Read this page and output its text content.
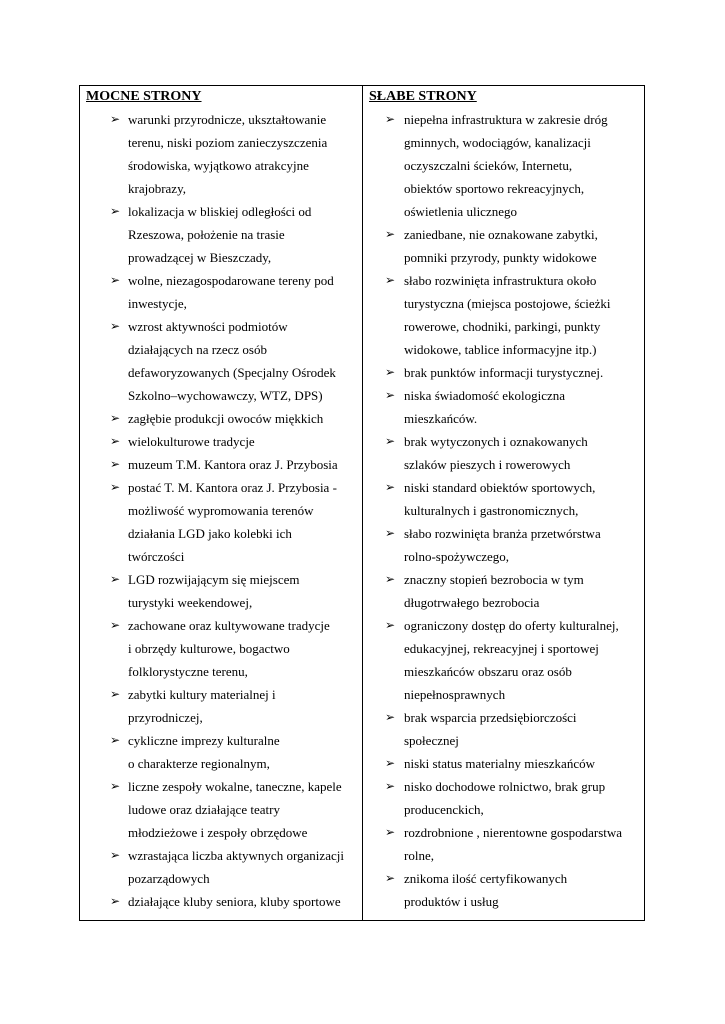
MOCNE STRONY
➢ warunki przyrodnicze, ukształtowanie
terenu, niski poziom zanieczyszczenia
środowiska, wyjątkowo atrakcyjne
krajobrazy,
➢ lokalizacja w bliskiej odległości od
Rzeszowa, położenie na trasie
prowadzącej w Bieszczady,
➢ wolne, niezagospodarowane tereny pod
inwestycje,
➢ wzrost aktywności podmiotów
działających na rzecz osób
defaworyzowanych (Specjalny Ośrodek
Szkolno–wychowawczy, WTZ, DPS)
➢ zagłębie produkcji owoców miękkich
➢ wielokulturowe tradycje
➢ muzeum T.M. Kantora oraz J. Przybosia
➢ postać T. M. Kantora oraz J. Przybosia -
możliwość wypromowania terenów
działania LGD jako kolebki ich
twórczości
➢ LGD rozwijającym się miejscem
turystyki weekendowej,
➢ zachowane oraz kultywowane tradycje
i obrzędy kulturowe, bogactwo
folklorystyczne terenu,
➢ zabytki kultury materialnej i
przyrodniczej,
➢ cykliczne imprezy kulturalne
o charakterze regionalnym,
➢ liczne zespoły wokalne, taneczne, kapele
ludowe oraz działające teatry
młodzieżowe i zespoły obrzędowe
➢ wzrastająca liczba aktywnych organizacji
pozarządowych
➢ działające kluby seniora, kluby sportowe
SŁABE STRONY
➢ niepełna infrastruktura w zakresie dróg
gminnych, wodociągów, kanalizacji
oczyszczalni ścieków, Internetu,
obiektów sportowo rekreacyjnych,
oświetlenia ulicznego
➢ zaniedbane, nie oznakowane zabytki,
pomniki przyrody, punkty widokowe
➢ słabo rozwinięta infrastruktura około
turystyczna (miejsca postojowe, ścieżki
rowerowe, chodniki, parkingi, punkty
widokowe, tablice informacyjne itp.)
➢ brak punktów informacji turystycznej.
➢ niska świadomość ekologiczna
mieszkańców.
➢ brak wytyczonych i oznakowanych
szlaków pieszych i rowerowych
➢ niski standard obiektów sportowych,
kulturalnych i gastronomicznych,
➢ słabo rozwinięta branża przetwórstwa
rolno-spożywczego,
➢ znaczny stopień bezrobocia w tym
długotrwałego bezrobocia
➢ ograniczony dostęp do oferty kulturalnej,
edukacyjnej, rekreacyjnej i sportowej
mieszkańców obszaru oraz osób
niepełnosprawnych
➢ brak wsparcia przedsiębiorczości
społecznej
➢ niski status materialny mieszkańców
➢ nisko dochodowe rolnictwo, brak grup
producenckich,
➢ rozdrobnione , nierentowne gospodarstwa
rolne,
➢ znikoma ilość certyfikowanych
produktów i usług
